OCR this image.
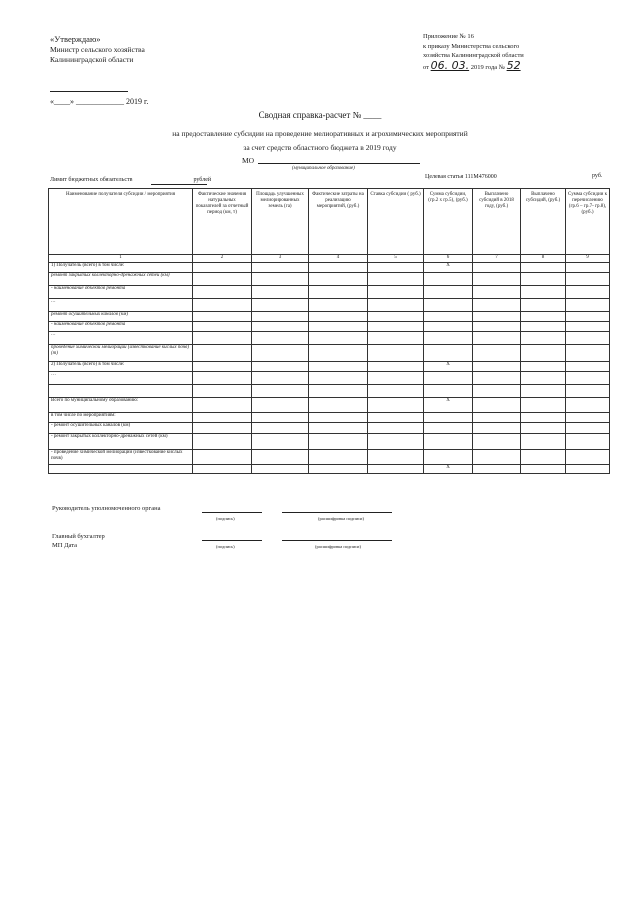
«Утверждаю»
Министр сельского хозяйства
Калининградской области
«____» ____________ 2019 г.
Приложение № 16
к приказу Министерства сельского
хозяйства Калининградской области
от 06. 03. 2019 года № 52
Сводная справка-расчет № ____
на предоставление субсидии на проведение мелиоративных и агрохимических мероприятий
за счет средств областного бюджета в 2019 году
МО
(муниципальное образование)
Лимит бюджетных обязательств	рублей	Целевая статья 111М476000	руб.
Наименование получателя субсидии / мероприятия	Фактические значения натуральных показателей за отчетный период (км, т)	Площадь улучшенных мелиорированных земель (га)	Фактические затраты на реализацию мероприятий, (руб.)	Ставка субсидии ( руб.)	Сумма субсидии, (гр.2 х гр.5), (руб.)	Выплачено субсидий в 2018 году, (руб.)	Выплачено субсидий, (руб.)	Сумма субсидии к перечислению (гр.6 – гр.7- гр.8), (руб.)
1	2	3	4	5	6	7	8	9
1) Получатель (всего) в том числе:					Х			
ремонт закрытых коллекторно-дренажных сетей (км)								
- наименование объектов ремонта								
…								
ремонт осушительных каналов (км)								
- наименование объектов ремонта								
…								
проведение химической мелиорации (известкование кислых почв) (т)								
2) Получатель (всего) в том числе:					Х			
…								

Всего по муниципальному образованию:					Х			
в том числе по мероприятиям:								
- ремонт осушительных каналов (км)								
- ремонт закрытых коллекторно-дренажных сетей (км)								
- проведение химической мелиорации (известкование кислых почв)								
					Х			
Руководитель уполномоченного органа
(подпись)	(расшифровка подписи)
Главный бухгалтер
МП Дата	(подпись)	(расшифровка подписи)
